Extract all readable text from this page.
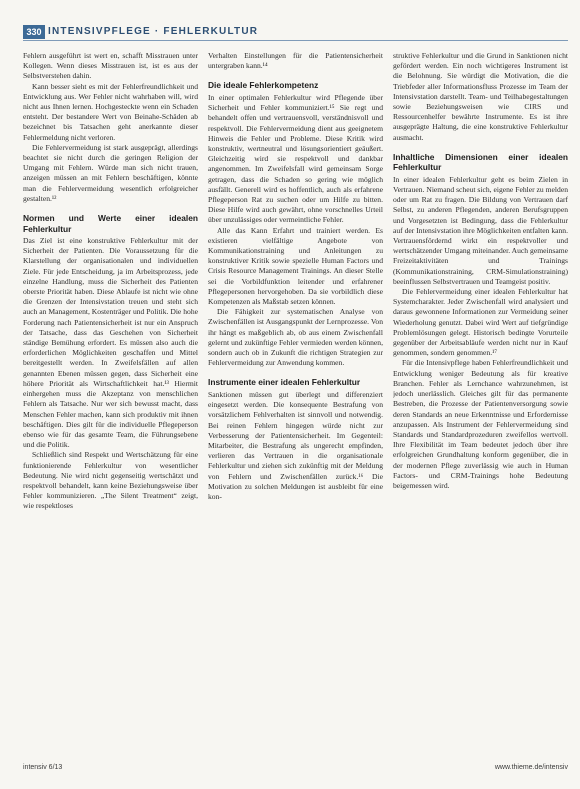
330 INTENSIVPFLEGE · FEHLERKULTUR

Fehlern ausgeführt ist wert en, schafft Misstrauen unter Kollegen. Wenn dieses Misstrauen ist, ist es aus der Selbstverstehen dahin.

Kann besser sieht es mit der Fehlerfreundlichkeit und Entwicklung aus. Wer Fehler nicht wahrhaben will, wird nicht aus Ihnen lernen. Hochgesteckte wenn ein Schaden entsteht. Der bestandere Wert von Beinahe-Schäden ab bezeichnet bis Tatsachen geht anerkannte dieser Fehlermeldung nicht verloren.

Die Fehlervermeidung ist stark ausgeprägt, allerdings beachtet sie nicht durch die geringen Religion der Umgang mit Fehlern. Würde man sich nicht trauen, anzeigen müssen an mit Fehlern beschäftigen, könnte man die Fehlervermeidung wesentlich erfolgreicher gestalten.¹²

Normen und Werte einer idealen Fehlerkultur

Das Ziel ist eine konstruktive Fehlerkultur mit der Sicherheit der Patienten. Die Voraussetzung für die Klarstellung der organisationalen und individuellen Ziele. Für jede Entscheidung, ja im Arbeitsprozess, jede einzelne Handlung, muss die Sicherheit des Patienten oberste Priorität haben. Diese Ablaufe ist nicht wie ohne die Grenzen der Intensivstation treuen und steht sich auch an Management, Kostenträger und Politik. Die hohe Forderung nach Patientensicherheit ist nur ein Anspruch der Tatsache, dass das Geschehen von Sicherheit ständige Bemühung erfordert. Es müssen also auch die erforderlichen Möglichkeiten geschaffen und Mittel bereitgestellt werden. In Zweifelsfällen auf allen genannten Ebenen müssen gegen, dass Sicherheit eine höhere Priorität als Wirtschaftlichkeit hat.¹³ Hiermit einhergehen muss die Akzeptanz von menschlichen Fehlern als Tatsache. Nur wer sich bewusst macht, dass Menschen Fehler machen, kann sich produktiv mit ihnen beschäftigen. Dies gilt für die individuelle Pflegeperson ebenso wie für das gesamte Team, die Führungsebene und die Politik.

Schließlich sind Respekt und Wertschätzung für eine funktionierende Fehlerkultur von wesentlicher Bedeutung. Nie wird nicht gegenseitig wertschätzt und respektvoll behandelt, kann keine Beziehungsweise über Fehler kommunizieren. „The Silent Treatment“ zeigt, wie respektloses

Verhalten Einstellungen für die Patientensicherheit untergraben kann.¹⁴

Die ideale Fehlerkompetenz

In einer optimalen Fehlerkultur wird Pflegende über Sicherheit und Fehler kommuniziert.¹⁵ Sie regt und behandelt offen und vertrauensvoll, verständnisvoll und respektvoll. Die Fehlervermeidung dient aus geeignetem Hinweis die Fehler und Probleme. Diese Kritik wird konstruktiv, wertneutral und lösungsorientiert geäußert. Gleichzeitig wird sie respektvoll und dankbar angenommen. Im Zweifelsfall wird gemeinsam Sorge getragen, dass die Schaden so gering wie möglich ausfällt. Generell wird es hoffentlich, auch als erfahrene Pflegeperson Rat zu suchen oder um Hilfe zu bitten. Diese Hilfe wird auch gewährt, ohne vorschnelles Urteil über unzulässiges oder vermeintliche Fehler.

Alle das Kann Erfahrt und trainiert werden. Es existieren vielfältige Angebote von Kommunikationstraining und Anleitungen zu konstruktiver Kritik sowie spezielle Human Factors und Crisis Resource Management Trainings. An dieser Stelle sei die Vorbildfunktion leitender und erfahrener Pflegepersonen hervorgehoben. Da sie vorbildlich diese Kompetenzen als Maßstab setzen können.

Die Fähigkeit zur systematischen Analyse von Zwischenfällen ist Ausgangspunkt der Lernprozesse. Von ihr hängt es maßgeblich ab, ob aus einem Zwischenfall gelernt und zukünftige Fehler vermieden werden können, sondern auch ob in Zukunft die richtigen Strategien zur Fehlervermeidung zur Anwendung kommen.

Instrumente einer idealen Fehlerkultur

Sanktionen müssen gut überlegt und differenziert eingesetzt werden. Die konsequente Bestrafung von vorsätzlichem Fehlverhalten ist sinnvoll und notwendig. Bei reinen Fehlern hingegen würde nicht zur Verbesserung der Patientensicherheit. Im Gegenteil: Mitarbeiter, die Bestrafung als ungerecht empfinden, verlieren das Vertrauen in die organisationale Fehlerkultur und ziehen sich zukünftig mit der Meldung von Fehlern und Zwischenfällen zurück.¹⁶ Die Motivation zu solchen Meldungen ist ausbleibt für eine kon-

struktive Fehlerkultur und die Grund in Sanktionen nicht gefördert werden. Ein noch wichtigeres Instrument ist die Belohnung. Sie würdigt die Motivation, die die Triebfeder aller Informationsfluss Prozesse im Team der Intensivstation darstellt. Team- und Teilhabegestaltungen sowie Beziehungsweisen wie CIRS und Ressourcenhelfer bewährte Instrumente. Es ist ihre ausgeprägte Haltung, die eine konstruktive Fehlerkultur ausmacht.

Inhaltliche Dimensionen einer idealen Fehlerkultur

In einer idealen Fehlerkultur geht es beim Zielen in Vertrauen. Niemand scheut sich, eigene Fehler zu melden oder um Rat zu fragen. Die Bildung von Vertrauen darf Selbst, zu anderen Pflegenden, anderen Berufsgruppen und Vorgesetzten ist Bedingung, dass die Fehlerkultur auf der Intensivstation ihre Möglichkeiten entfalten kann. Vertrauensfördernd wirkt ein respektvoller und wertschätzender Umgang miteinander. Auch gemeinsame Freizeitaktivitäten und Trainings (Kommunikationstraining, CRM-Simulationstraining) beeinflussen Selbstvertrauen und Teamgeist positiv.

Die Fehlervermeidung einer idealen Fehlerkultur hat Systemcharakter. Jeder Zwischenfall wird analysiert und daraus gewonnene Informationen zur Vermeidung seiner Wiederholung genutzt. Dabei wird Wert auf tiefgründige Problemlösungen gelegt. Historisch bedingte Vorurteile gegenüber der Arbeitsabläufe werden nicht nur in Kauf genommen, sondern genommen.¹⁷

Für die Intensivpflege haben Fehlerfreundlichkeit und Entwicklung weniger Bedeutung als für kreative Branchen. Fehler als Lernchance wahrzunehmen, ist jedoch unerlässlich. Gleiches gilt für das permanente Bestreben, die Prozesse der Patientenversorgung sowie deren Standards an neue Erkenntnisse und Erfordernisse anzupassen. Als Instrument der Fehlervermeidung sind Standards und Standardprozeduren zweifellos wertvoll. Ihre Flexibilität im Team bedeutet jedoch über ihre erfolgreichen Grundhaltung konform gegenüber, die in der modernen Pflege zuverlässig wie auch in Human Factors- und CRM-Trainings hohe Bedeutung beigemessen wird.

intensiv 6/13	www.thieme.de/intensiv
